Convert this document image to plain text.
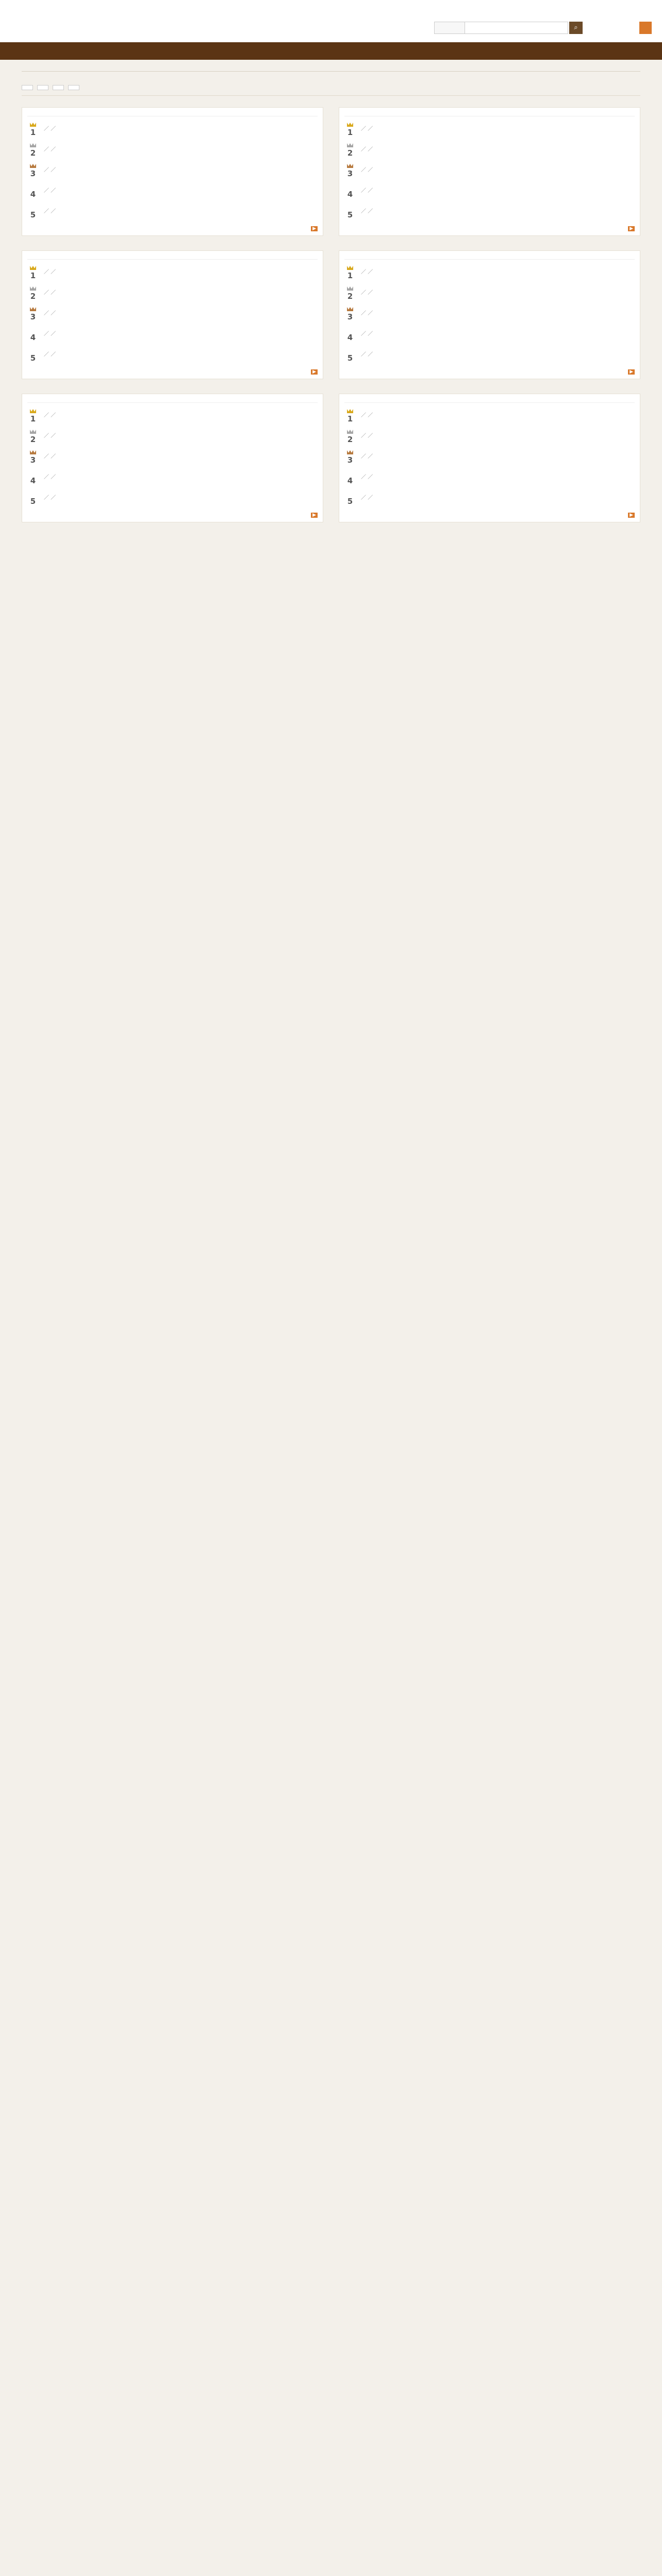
⌕
1	／ ／
2	／ ／
3	／ ／
4	／ ／
5	／ ／
▶
1	／ ／
2	／ ／
3	／ ／
4	／ ／
5	／ ／
▶
1	／ ／
2	／ ／
3	／ ／
4	／ ／
5	／ ／
▶
1	／ ／
2	／ ／
3	／ ／
4	／ ／
5	／ ／
▶
1	／ ／
2	／ ／
3	／ ／
4	／ ／
5	／ ／
▶
1	／ ／
2	／ ／
3	／ ／
4	／ ／
5	／ ／
▶
